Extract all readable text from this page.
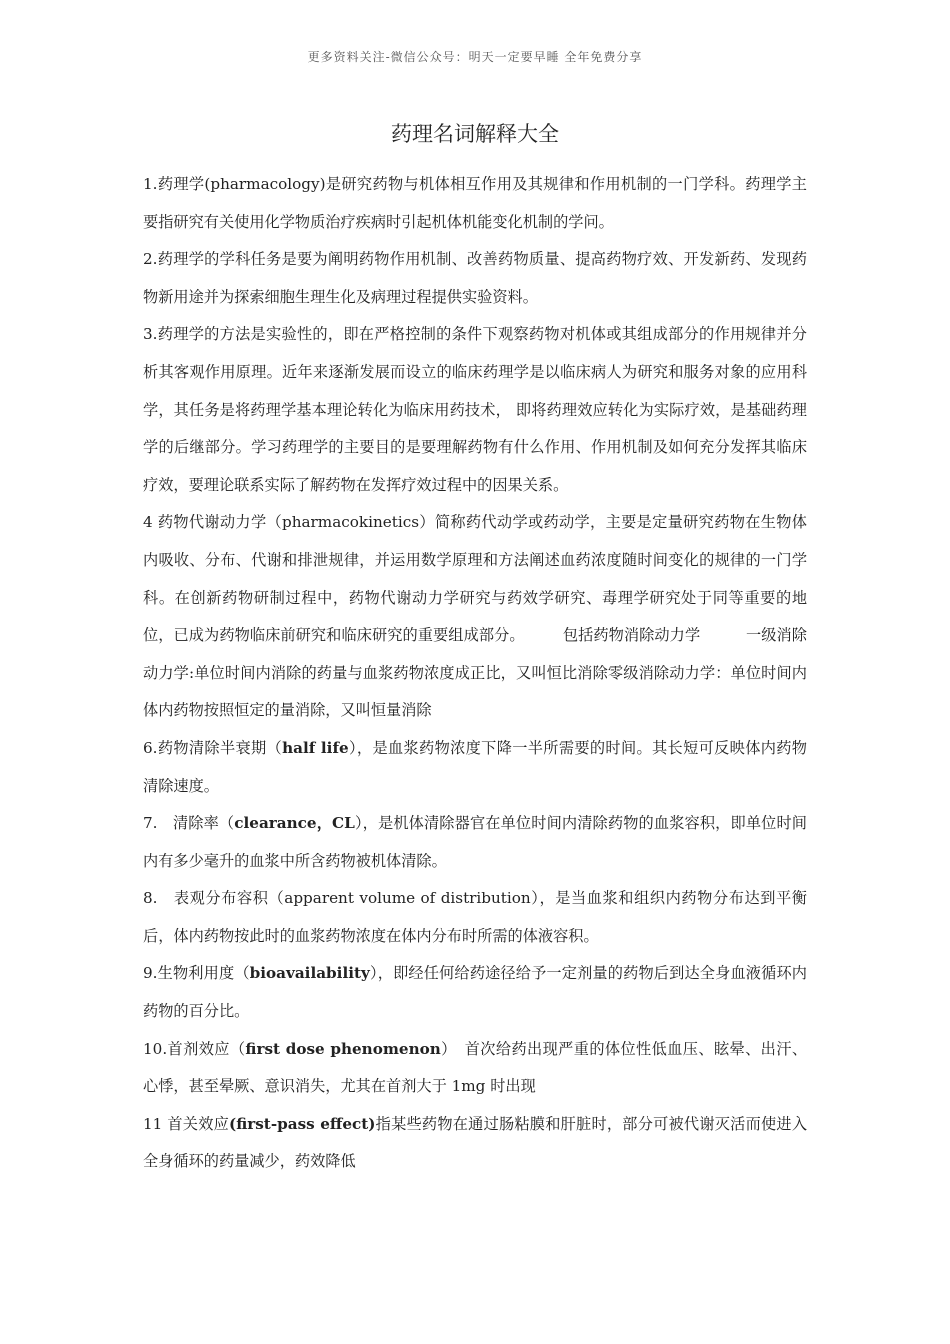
更多资料关注-微信公众号：明天一定要早睡 全年免费分享
药理名词解释大全

1.药理学(pharmacology)是研究药物与机体相互作用及其规律和作用机制的一门学科。药理学主要指研究有关使用化学物质治疗疾病时引起机体机能变化机制的学问。

2.药理学的学科任务是要为阐明药物作用机制、改善药物质量、提高药物疗效、开发新药、发现药物新用途并为探索细胞生理生化及病理过程提供实验资料。

3.药理学的方法是实验性的，即在严格控制的条件下观察药物对机体或其组成部分的作用规律并分析其客观作用原理。近年来逐渐发展而设立的临床药理学是以临床病人为研究和服务对象的应用科学，其任务是将药理学基本理论转化为临床用药技术， 即将药理效应转化为实际疗效，是基础药理学的后继部分。学习药理学的主要目的是要理解药物有什么作用、作用机制及如何充分发挥其临床疗效，要理论联系实际了解药物在发挥疗效过程中的因果关系。

4 药物代谢动力学（pharmacokinetics）简称药代动学或药动学，主要是定量研究药物在生物体内吸收、分布、代谢和排泄规律，并运用数学原理和方法阐述血药浓度随时间变化的规律的一门学科。在创新药物研制过程中，药物代谢动力学研究与药效学研究、毒理学研究处于同等重要的地位，已成为药物临床前研究和临床研究的重要组成部分。　　　包括药物消除动力学　　　一级消除动力学:单位时间内消除的药量与血浆药物浓度成正比，又叫恒比消除零级消除动力学：单位时间内体内药物按照恒定的量消除，又叫恒量消除

6.药物清除半衰期（half life），是血浆药物浓度下降一半所需要的时间。其长短可反映体内药物清除速度。

7.　清除率（clearance，CL），是机体清除器官在单位时间内清除药物的血浆容积，即单位时间内有多少毫升的血浆中所含药物被机体清除。

8.　表观分布容积（apparent volume of distribution），是当血浆和组织内药物分布达到平衡后，体内药物按此时的血浆药物浓度在体内分布时所需的体液容积。

9.生物利用度（bioavailability），即经任何给药途径给予一定剂量的药物后到达全身血液循环内药物的百分比。

10.首剂效应（first dose phenomenon）　首次给药出现严重的体位性低血压、眩晕、出汗、心悸，甚至晕厥、意识消失，尤其在首剂大于 1mg 时出现

11 首关效应(first-pass effect)指某些药物在通过肠粘膜和肝脏时，部分可被代谢灭活而使进入全身循环的药量减少，药效降低
